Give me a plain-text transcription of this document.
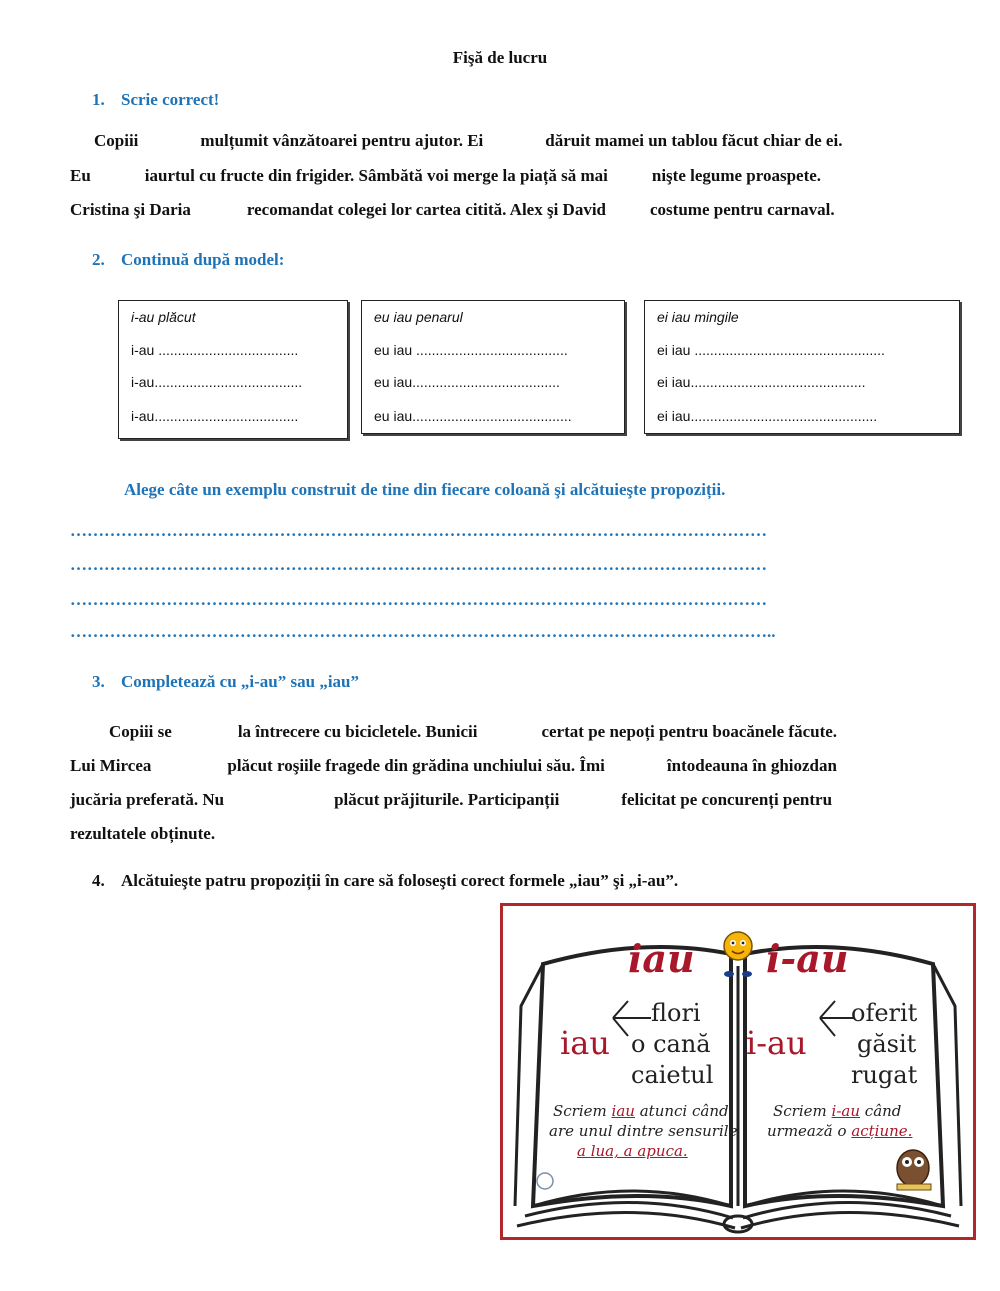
Fişă de lucru
1. Scrie correct!
Copiii	mulțumit vânzătoarei pentru ajutor. Ei	dăruit mamei un tablou făcut chiar de ei.
Eu	iaurtul cu fructe din frigider. Sâmbătă voi merge la piață să mai	nişte legume proaspete.
Cristina şi Daria	recomandat colegei lor cartea citită. Alex şi David	costume pentru carnaval.
2. Continuă după model:
i-au plăcut
i-au ....................................
i-au......................................
i-au.....................................
eu iau penarul
eu iau .......................................
eu iau......................................
eu iau.........................................
ei iau mingile
ei iau .................................................
ei iau.............................................
ei iau................................................
Alege câte un exemplu construit de tine din fiecare coloană şi alcătuieşte propoziții.
……………………………………………………………………………………………………………
……………………………………………………………………………………………………………
……………………………………………………………………………………………………………
……………………………………………………………………………………………………………..
3. Completează cu „i-au” sau „iau”
Copiii se	la întrecere cu bicicletele. Bunicii	certat pe nepoți pentru boacănele făcute.
Lui Mircea	plăcut roşiile fragede din grădina unchiului său. Îmi	întodeauna în ghiozdan
jucăria preferată. Nu	plăcut prăjiturile. Participanții	felicitat pe concurenți pentru
rezultatele obținute.
4. Alcătuieşte patru propoziții în care să foloseşti corect formele „iau” şi „i-au”.
iau i-au
iau
flori
o cană
caietul
i-au
oferit
găsit
rugat
Scriem iau atunci când
are unul dintre sensurile
a lua, a apuca.
Scriem i-au când
urmează o acțiune.
